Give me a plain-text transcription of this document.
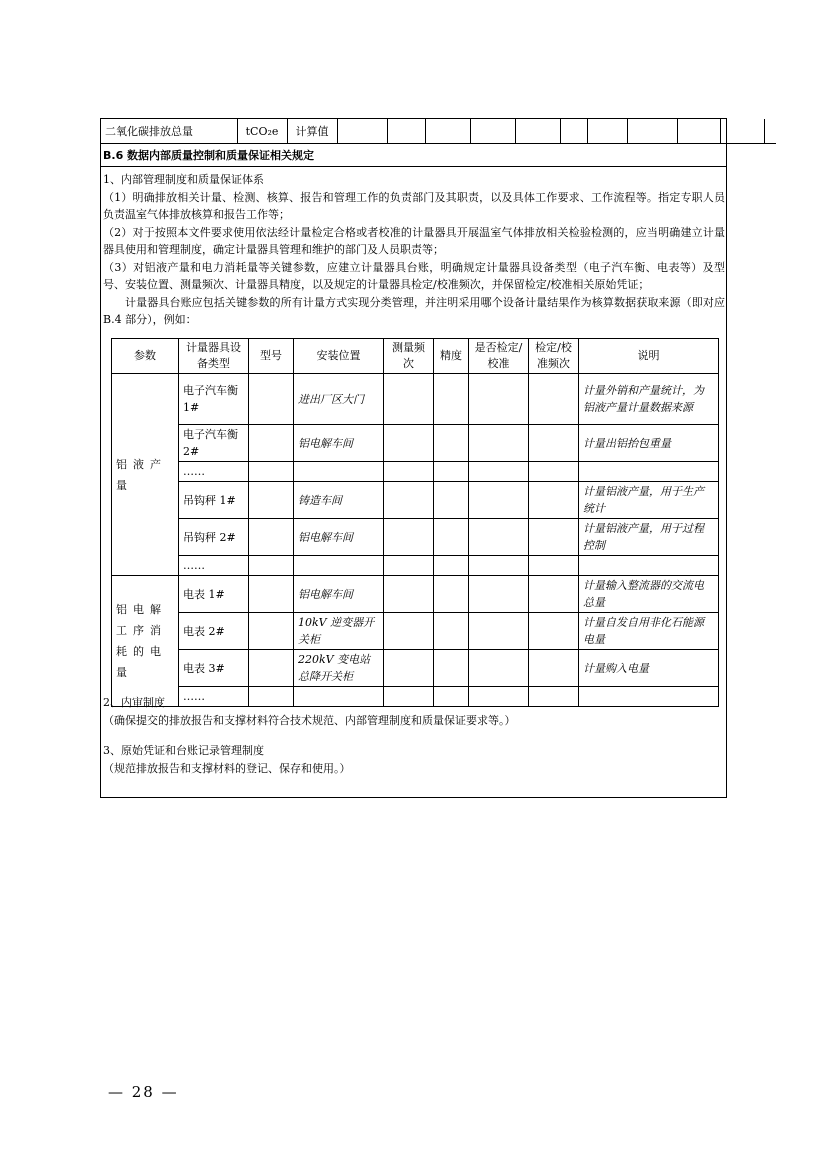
二氧化碳排放总量	tCO₂e	计算值											
B.6 数据内部质量控制和质量保证相关规定

1、内部管理制度和质量保证体系

（1）明确排放相关计量、检测、核算、报告和管理工作的负责部门及其职责，以及具体工作要求、工作流程等。指定专职人员负责温室气体排放核算和报告工作等；

（2）对于按照本文件要求使用依法经计量检定合格或者校准的计量器具开展温室气体排放相关检验检测的，应当明确建立计量器具使用和管理制度，确定计量器具管理和维护的部门及人员职责等；

（3）对铝液产量和电力消耗量等关键参数，应建立计量器具台账，明确规定计量器具设备类型（电子汽车衡、电表等）及型号、安装位置、测量频次、计量器具精度，以及规定的计量器具检定/校准频次，并保留检定/校准相关原始凭证；

计量器具台账应包括关键参数的所有计量方式实现分类管理，并注明采用哪个设备计量结果作为核算数据获取来源（即对应 B.4 部分），例如：

参数	计量器具设备类型	型号	安装位置	测量频次	精度	是否检定/校准	检定/校准频次	说明
铝液产量	电子汽车衡 1#		进出厂区大门					计量外销和产量统计，为铝液产量计量数据来源
	电子汽车衡 2#		铝电解车间					计量出铝抬包重量
	……							
	吊钩秤 1#		铸造车间					计量铝液产量，用于生产统计
	吊钩秤 2#		铝电解车间					计量铝液产量，用于过程控制
	……							
铝电解工序消耗的电量	电表 1#		铝电解车间					计量输入整流器的交流电总量
	电表 2#		10kV 逆变器开关柜					计量自发自用非化石能源电量
	电表 3#		220kV 变电站总降开关柜					计量购入电量
	……							

2、内审制度

（确保提交的排放报告和支撑材料符合技术规范、内部管理制度和质量保证要求等。）

3、原始凭证和台账记录管理制度

（规范排放报告和支撑材料的登记、保存和使用。）

— 28 —
